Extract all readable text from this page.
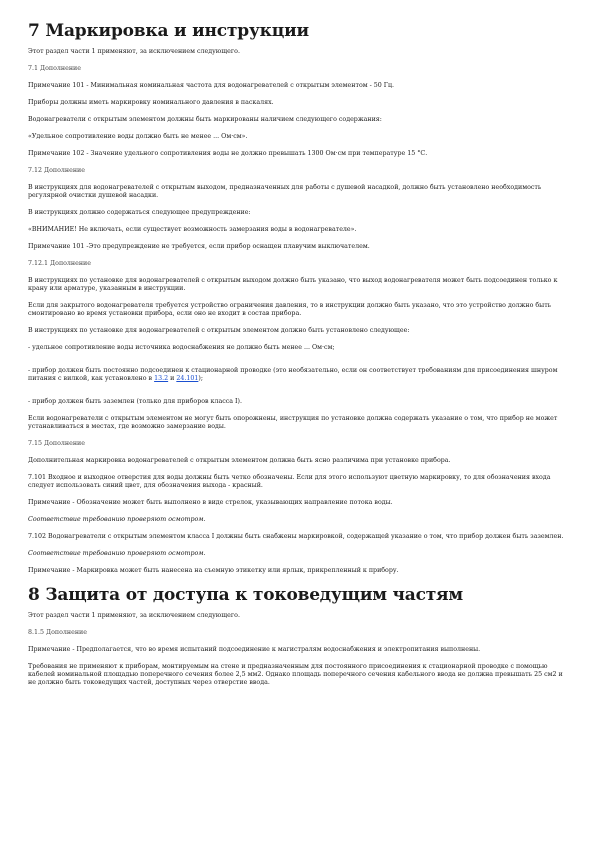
7 Маркировка и инструкции

Этот раздел части 1 применяют, за исключением следующего.

7.1 Дополнение

Примечание 101 - Минимальная номинальная частота для водонагревателей с открытым элементом - 50 Гц.

Приборы должны иметь маркировку номинального давления в паскалях.

Водонагреватели с открытым элементом должны быть маркированы наличием следующего содержания:

«Удельное сопротивление воды должно быть не менее ... Ом·см».

Примечание 102 - Значение удельного сопротивления воды не должно превышать 1300 Ом·см при температуре 15 °С.

7.12 Дополнение

В инструкциях для водонагревателей с открытым выходом, предназначенных для работы с душевой насадкой, должно быть установлено необходимость регулярной очистки душевой насадки.

В инструкциях должно содержаться следующее предупреждение:

«ВНИМАНИЕ! Не включать, если существует возможность замерзания воды в водонагревателе».

Примечание 101 -Это предупреждение не требуется, если прибор оснащен плавучим выключателем.

7.12.1 Дополнение

В инструкциях по установке для водонагревателей с открытым выходом должно быть указано, что выход водонагревателя может быть подсоединен только к крану или арматуре, указанным в инструкции.

Если для закрытого водонагревателя требуется устройство ограничения давления, то в инструкции должно быть указано, что это устройство должно быть смонтировано во время установки прибора, если оно не входит в состав прибора.

В инструкциях по установке для водонагревателей с открытым элементом должно быть установлено следующее:

- удельное сопротивление воды источника водоснабжения не должно быть менее ... Ом·см;

- прибор должен быть постоянно подсоединен к стационарной проводке (это необязательно, если он соответствует требованиям для присоединения шнуром питания с вилкой, как установлено в 13.2 и 24.101);

- прибор должен быть заземлен (только для приборов класса I).

Если водонагреватели с открытым элементом не могут быть опорожнены, инструкция по установке должна содержать указание о том, что прибор не может устанавливаться в местах, где возможно замерзание воды.

7.15 Дополнение

Дополнительная маркировка водонагревателей с открытым элементом должна быть ясно различима при установке прибора.

7.101 Входное и выходное отверстия для воды должны быть четко обозначены. Если для этого используют цветную маркировку, то для обозначения входа следует использовать синий цвет, для обозначения выхода - красный.

Примечание - Обозначение может быть выполнено в виде стрелок, указывающих направление потока воды.

Соответствие требованию проверяют осмотром.

7.102 Водонагреватели с открытым элементом класса I должны быть снабжены маркировкой, содержащей указание о том, что прибор должен быть заземлен.

Соответствие требованию проверяют осмотром.

Примечание - Маркировка может быть нанесена на съемную этикетку или ярлык, прикрепленный к прибору.

8 Защита от доступа к токоведущим частям

Этот раздел части 1 применяют, за исключением следующего.

8.1.5 Дополнение

Примечание - Предполагается, что во время испытаний подсоединение к магистралям водоснабжения и электропитания выполнены.

Требования не применяют к приборам, монтируемым на стене и предназначенным для постоянного присоединения к стационарной проводке с помощью кабелей номинальной площадью поперечного сечения более 2,5 мм2. Однако площадь поперечного сечения кабельного ввода не должна превышать 25 см2 и не должно быть токоведущих частей, доступных через отверстие ввода.
